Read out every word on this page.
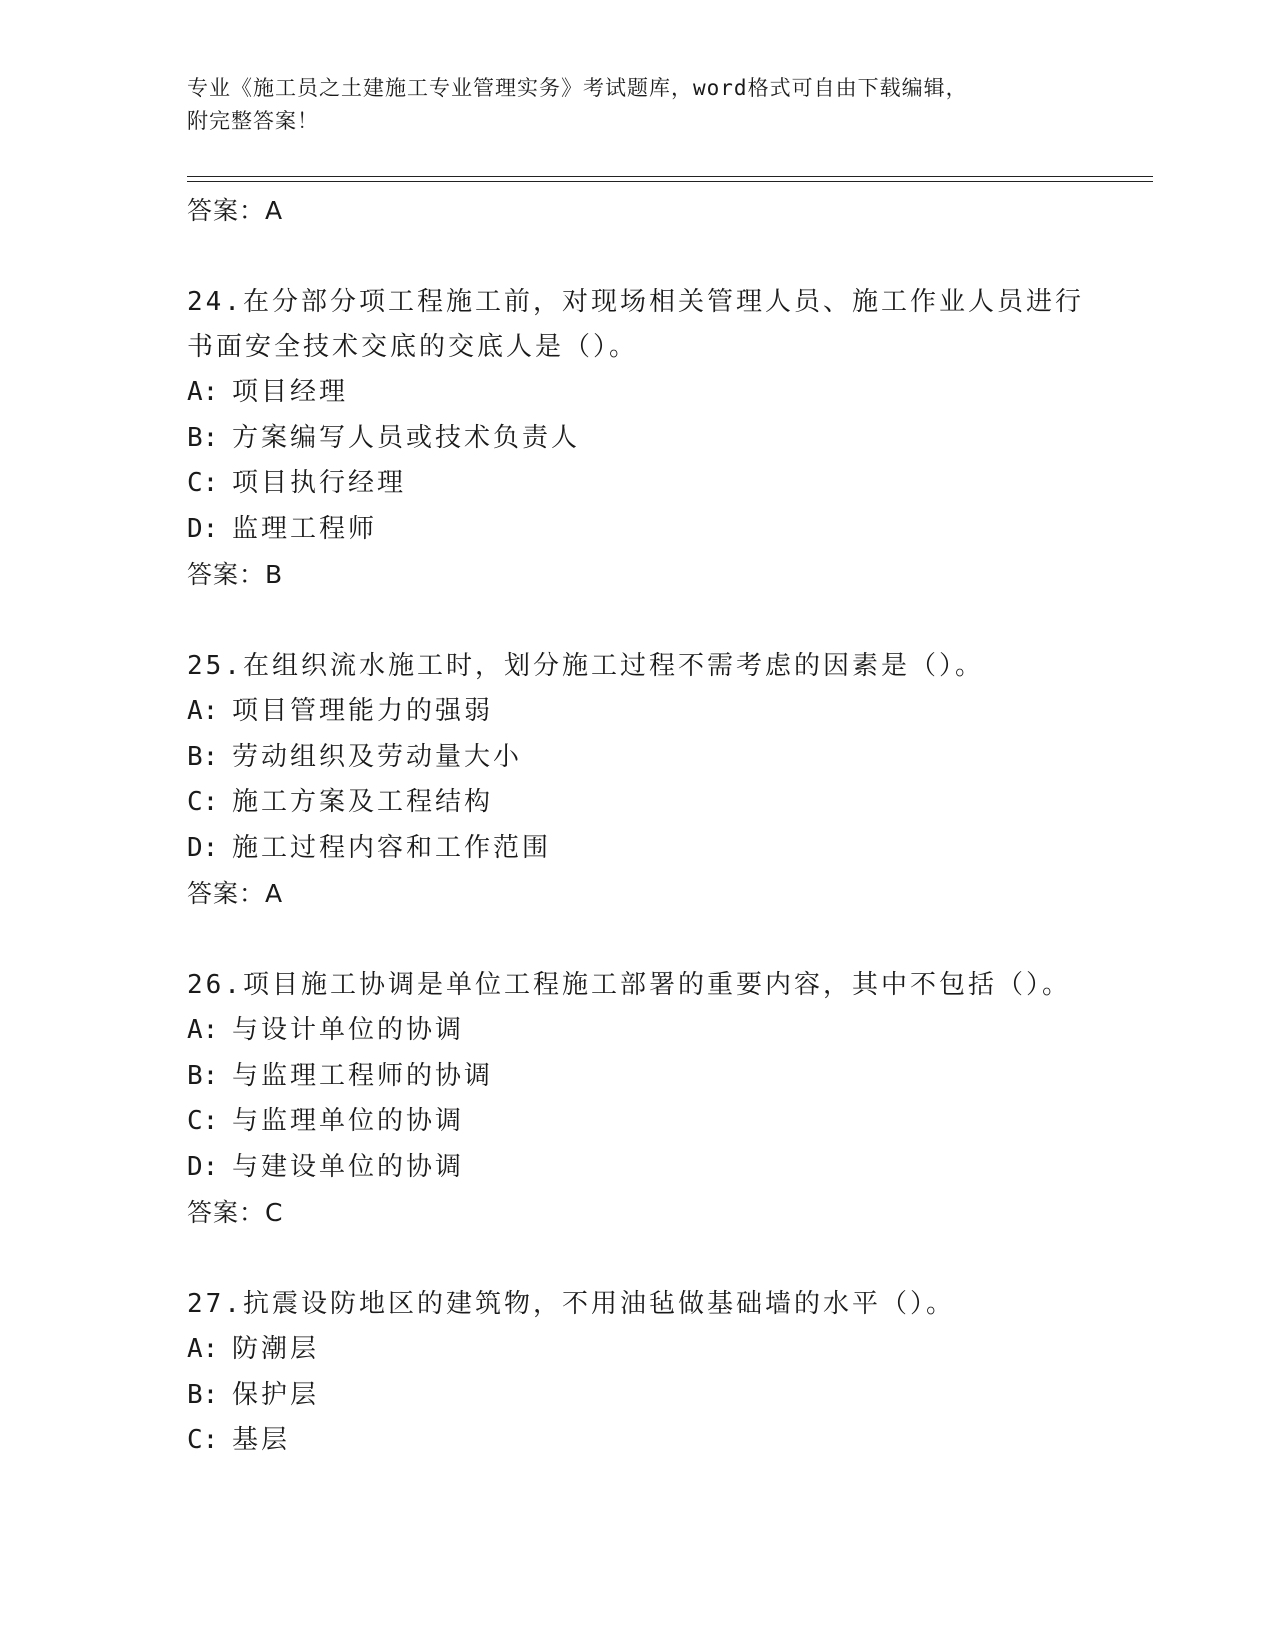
专业《施工员之土建施工专业管理实务》考试题库，word格式可自由下载编辑，
附完整答案！
答案：A
24.在分部分项工程施工前，对现场相关管理人员、施工作业人员进行
书面安全技术交底的交底人是（）。
A: 项目经理
B: 方案编写人员或技术负责人
C: 项目执行经理
D: 监理工程师
答案：B
25.在组织流水施工时，划分施工过程不需考虑的因素是（）。
A: 项目管理能力的强弱
B: 劳动组织及劳动量大小
C: 施工方案及工程结构
D: 施工过程内容和工作范围
答案：A
26.项目施工协调是单位工程施工部署的重要内容，其中不包括（）。
A: 与设计单位的协调
B: 与监理工程师的协调
C: 与监理单位的协调
D: 与建设单位的协调
答案：C
27.抗震设防地区的建筑物，不用油毡做基础墙的水平（）。
A: 防潮层
B: 保护层
C: 基层
